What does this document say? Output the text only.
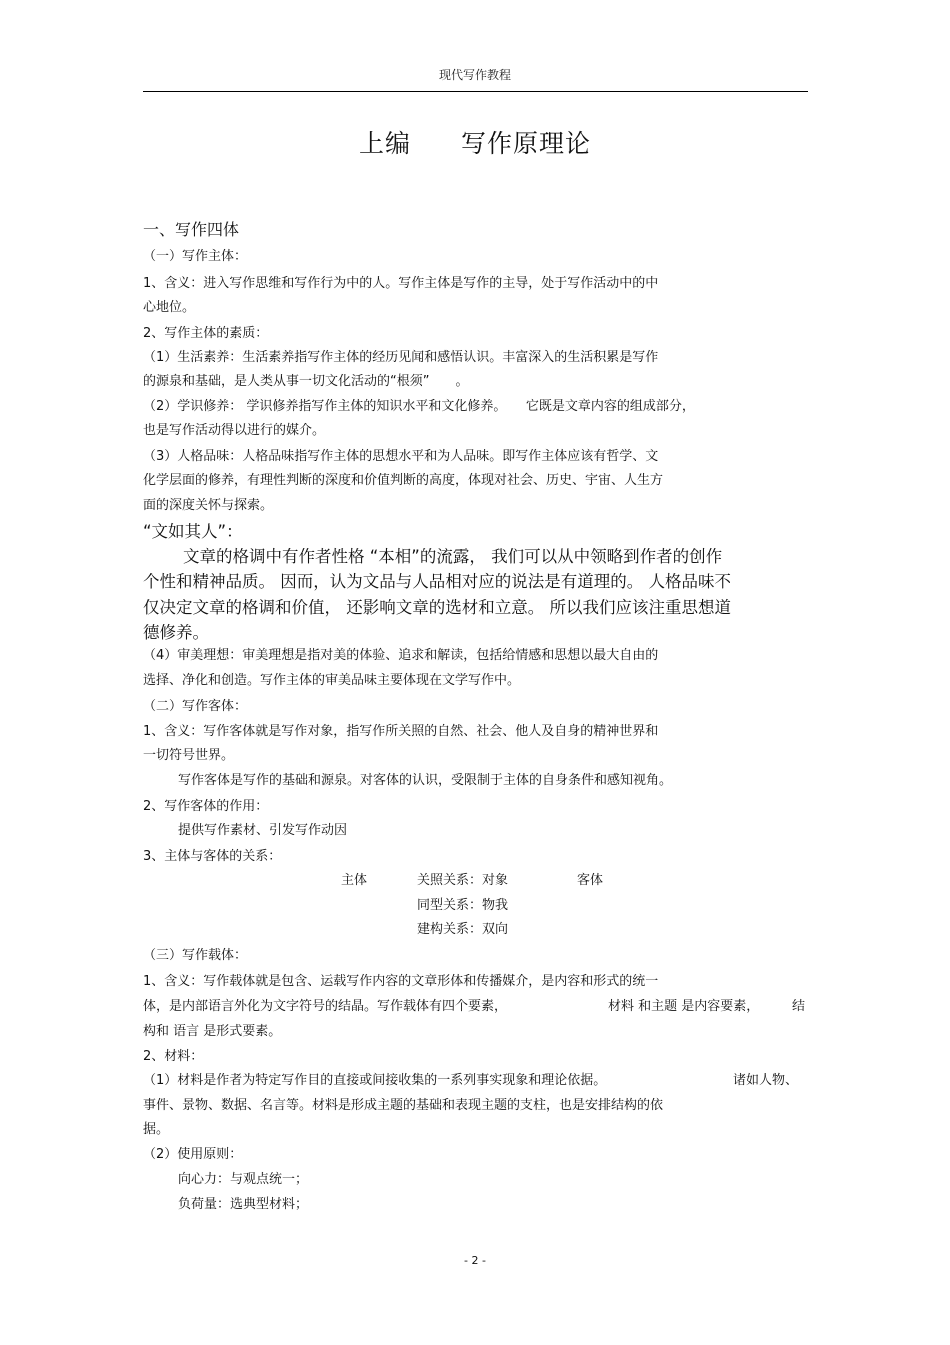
现代写作教程
上编 写作原理论
一、写作四体
（一）写作主体：
1、含义：进入写作思维和写作行为中的人。写作主体是写作的主导，处于写作活动中的中
心地位。
2、写作主体的素质：
（1）生活素养：生活素养指写作主体的经历见闻和感悟认识。丰富深入的生活积累是写作
的源泉和基础，是人类从事一切文化活动的“根须”　　。
（2）学识修养： 学识修养指写作主体的知识水平和文化修养。　　它既是文章内容的组成部分，
也是写作活动得以进行的媒介。
（3）人格品味：人格品味指写作主体的思想水平和为人品味。即写作主体应该有哲学、文
化学层面的修养，有理性判断的深度和价值判断的高度，体现对社会、历史、宇宙、人生方
面的深度关怀与探索。
“文如其人”：
文章的格调中有作者性格 “本相”的流露， 我们可以从中领略到作者的创作
个性和精神品质。 因而，认为文品与人品相对应的说法是有道理的。 人格品味不
仅决定文章的格调和价值， 还影响文章的选材和立意。 所以我们应该注重思想道
德修养。
（4）审美理想：审美理想是指对美的体验、追求和解读，包括给情感和思想以最大自由的
选择、净化和创造。写作主体的审美品味主要体现在文学写作中。
（二）写作客体：
1、含义：写作客体就是写作对象，指写作所关照的自然、社会、他人及自身的精神世界和
一切符号世界。
写作客体是写作的基础和源泉。对客体的认识，受限制于主体的自身条件和感知视角。
2、写作客体的作用：
提供写作素材、引发写作动因
3、主体与客体的关系：
主体	关照关系：对象	客体
同型关系：物我
建构关系：双向
（三）写作载体：
1、含义：写作载体就是包含、运载写作内容的文章形体和传播媒介，是内容和形式的统一
体，是内部语言外化为文字符号的结晶。写作载体有四个要素，	材料 和主题 是内容要素，	结
构和 语言 是形式要素。
2、材料：
（1）材料是作者为特定写作目的直接或间接收集的一系列事实现象和理论依据。	诸如人物、
事件、景物、数据、名言等。材料是形成主题的基础和表现主题的支柱，也是安排结构的依
据。
（2）使用原则：
向心力：与观点统一；
负荷量：选典型材料；
- 2 -
